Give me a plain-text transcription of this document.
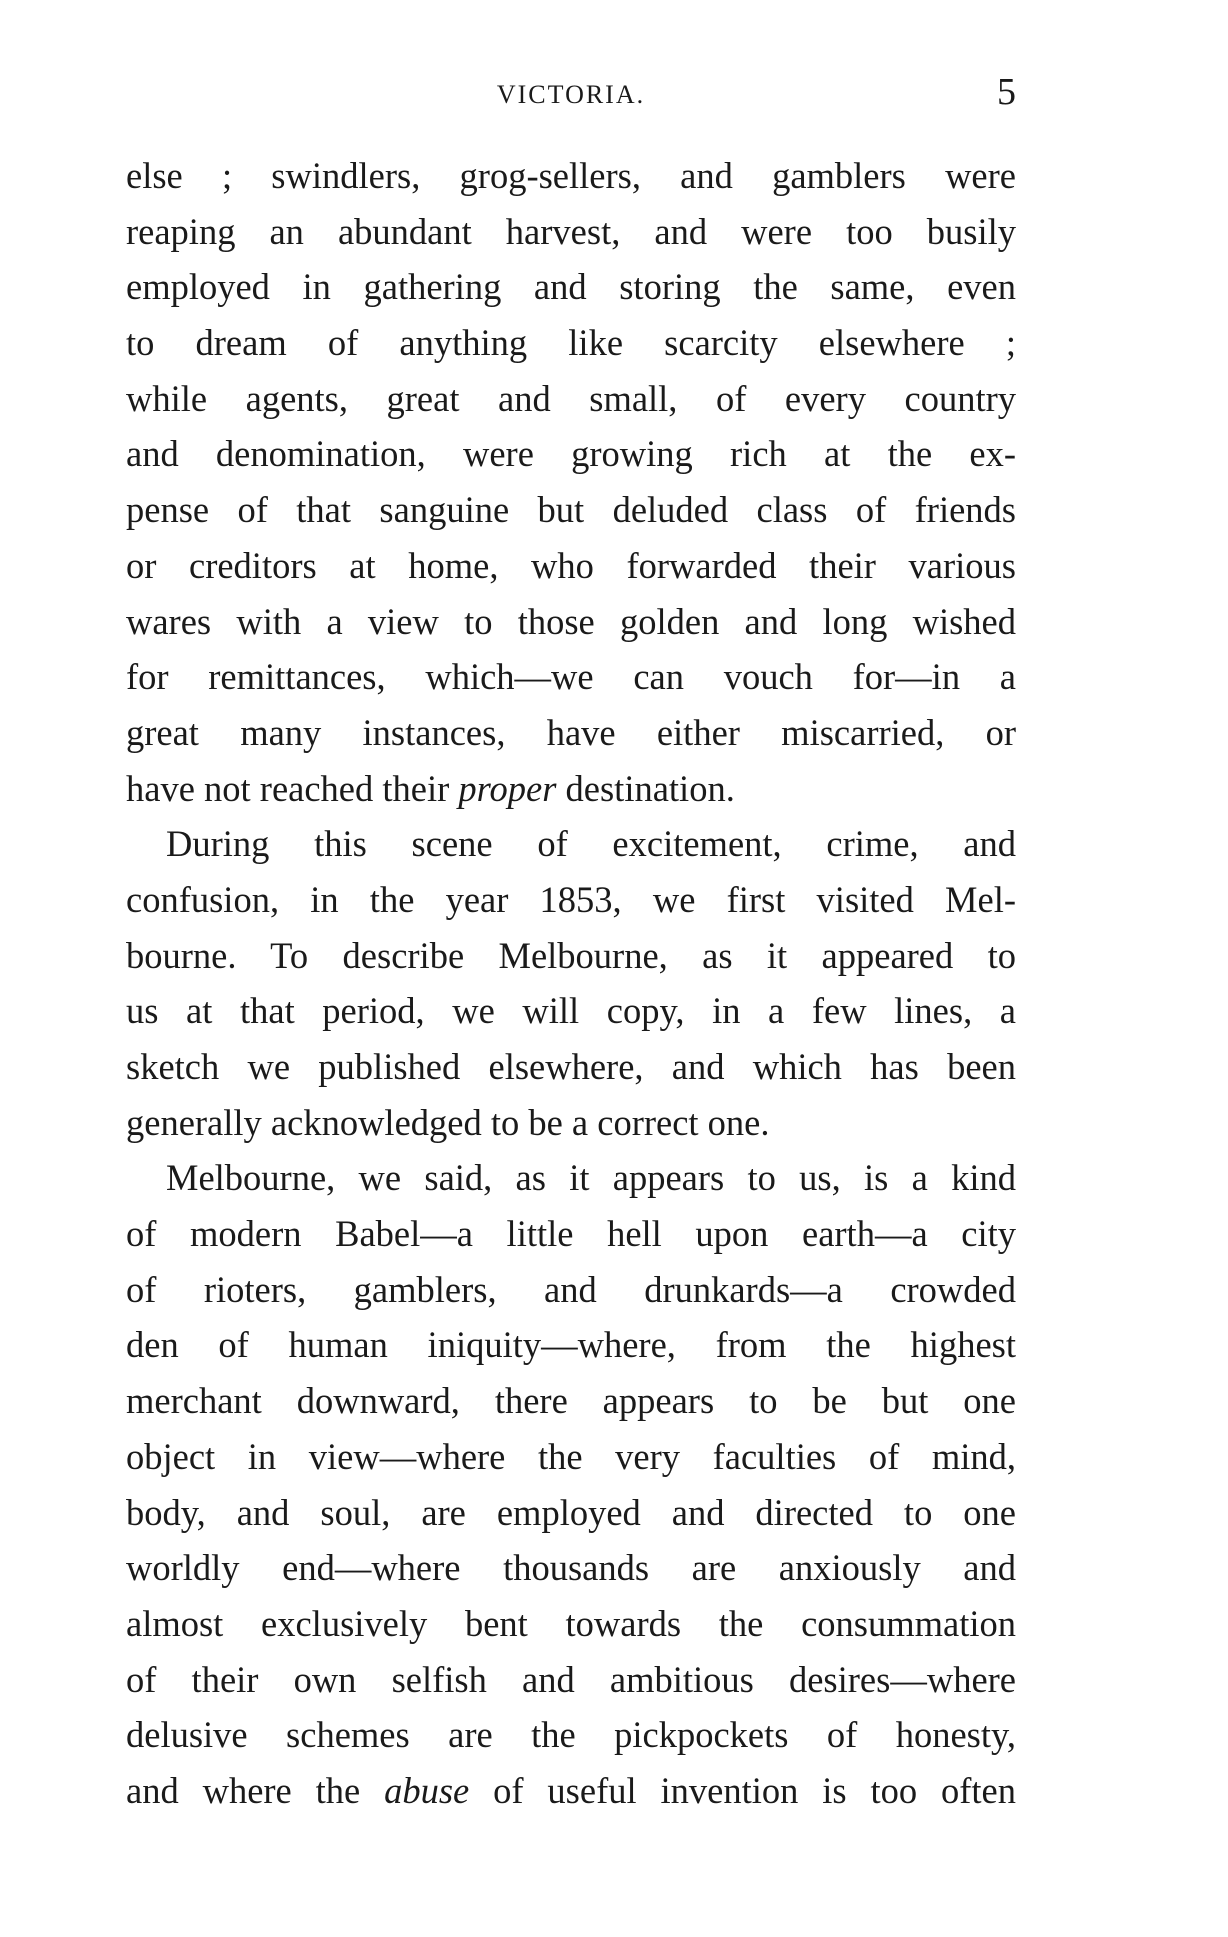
VICTORIA.	5
else ; swindlers, grog-sellers, and gamblers were
reaping an abundant harvest, and were too busily
employed in gathering and storing the same, even
to dream of anything like scarcity elsewhere ;
while agents, great and small, of every country
and denomination, were growing rich at the ex-
pense of that sanguine but deluded class of friends
or creditors at home, who forwarded their various
wares with a view to those golden and long wished
for remittances, which—we can vouch for—in a
great many instances, have either miscarried, or
have not reached their proper destination.
During this scene of excitement, crime, and
confusion, in the year 1853, we first visited Mel-
bourne. To describe Melbourne, as it appeared to
us at that period, we will copy, in a few lines, a
sketch we published elsewhere, and which has been
generally acknowledged to be a correct one.
Melbourne, we said, as it appears to us, is a kind
of modern Babel—a little hell upon earth—a city
of rioters, gamblers, and drunkards—a crowded
den of human iniquity—where, from the highest
merchant downward, there appears to be but one
object in view—where the very faculties of mind,
body, and soul, are employed and directed to one
worldly end—where thousands are anxiously and
almost exclusively bent towards the consummation
of their own selfish and ambitious desires—where
delusive schemes are the pickpockets of honesty,
and where the abuse of useful invention is too often
